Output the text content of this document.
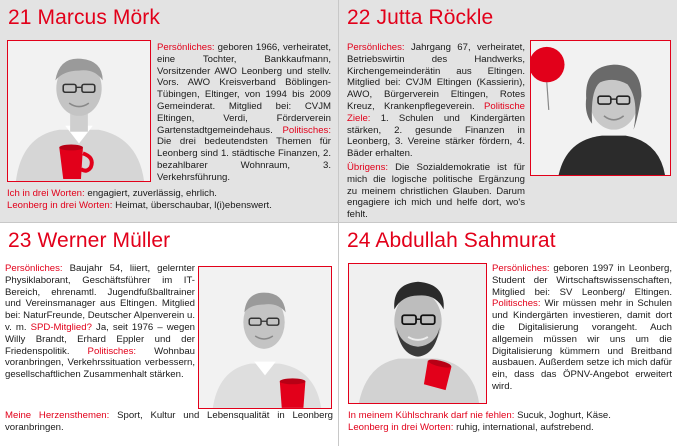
21 Marcus Mörk
Persönliches: geboren 1966, verheiratet, eine Tochter, Bankkaufmann, Vorsitzender AWO Leonberg und stellv. Vors. AWO Kreisverband Böblingen-Tübingen, Eltinger, von 1994 bis 2009 Gemeinderat. Mitglied bei: CVJM Eltingen, Verdi, Förderverein Gartenstadtgemeindehaus. Politisches: Die drei bedeutendsten Themen für Leonberg sind 1. städtische Finanzen, 2. bezahlbarer Wohnraum, 3. Verkehrsführung.
Ich in drei Worten: engagiert, zuverlässig, ehrlich.
Leonberg in drei Worten: Heimat, überschaubar, l(i)ebenswert.
22 Jutta Röckle
Persönliches: Jahrgang 67, verheiratet, Betriebswirtin des Handwerks, Kirchengemeinderätin aus Eltingen. Mitglied bei: CVJM Eltingen (Kassierin), AWO, Bürgerverein Eltingen, Rotes Kreuz, Krankenpflegeverein. Politische Ziele: 1. Schulen und Kindergärten stärken, 2. gesunde Finanzen in Leonberg, 3. Vereine stärker fördern, 4. Bäder erhalten.
Übrigens: Die Sozialdemokratie ist für mich die logische politische Ergänzung zu meinem christlichen Glauben. Darum engagiere ich mich und helfe dort, wo's fehlt.
23 Werner Müller
Persönliches: Baujahr 54, liiert, gelernter Physiklaborant, Geschäftsführer im IT-Bereich, ehrenamtl. Jugendfußballtrainer und Vereinsmanager aus Eltingen. Mitglied bei: NaturFreunde, Deutscher Alpenverein u. v. m. SPD-Mitglied? Ja, seit 1976 – wegen Willy Brandt, Erhard Eppler und der Friedenspolitik. Politisches: Wohnbau voranbringen, Verkehrssituation verbessern, gesellschaftlichen Zusammenhalt stärken.
Meine Herzensthemen: Sport, Kultur und Lebensqualität in Leonberg voranbringen.
24 Abdullah Sahmurat
Persönliches: geboren 1997 in Leonberg, Student der Wirtschaftswissenschaften, Mitglied bei: SV Leonberg/ Eltingen. Politisches: Wir müssen mehr in Schulen und Kindergärten investieren, damit dort die Digitalisierung vorangeht. Auch allgemein müssen wir uns um die Digitalisierung kümmern und Breitband ausbauen. Außerdem setze ich mich dafür ein, dass das ÖPNV-Angebot erweitert wird.
In meinem Kühlschrank darf nie fehlen: Sucuk, Joghurt, Käse.
Leonberg in drei Worten: ruhig, international, aufstrebend.
